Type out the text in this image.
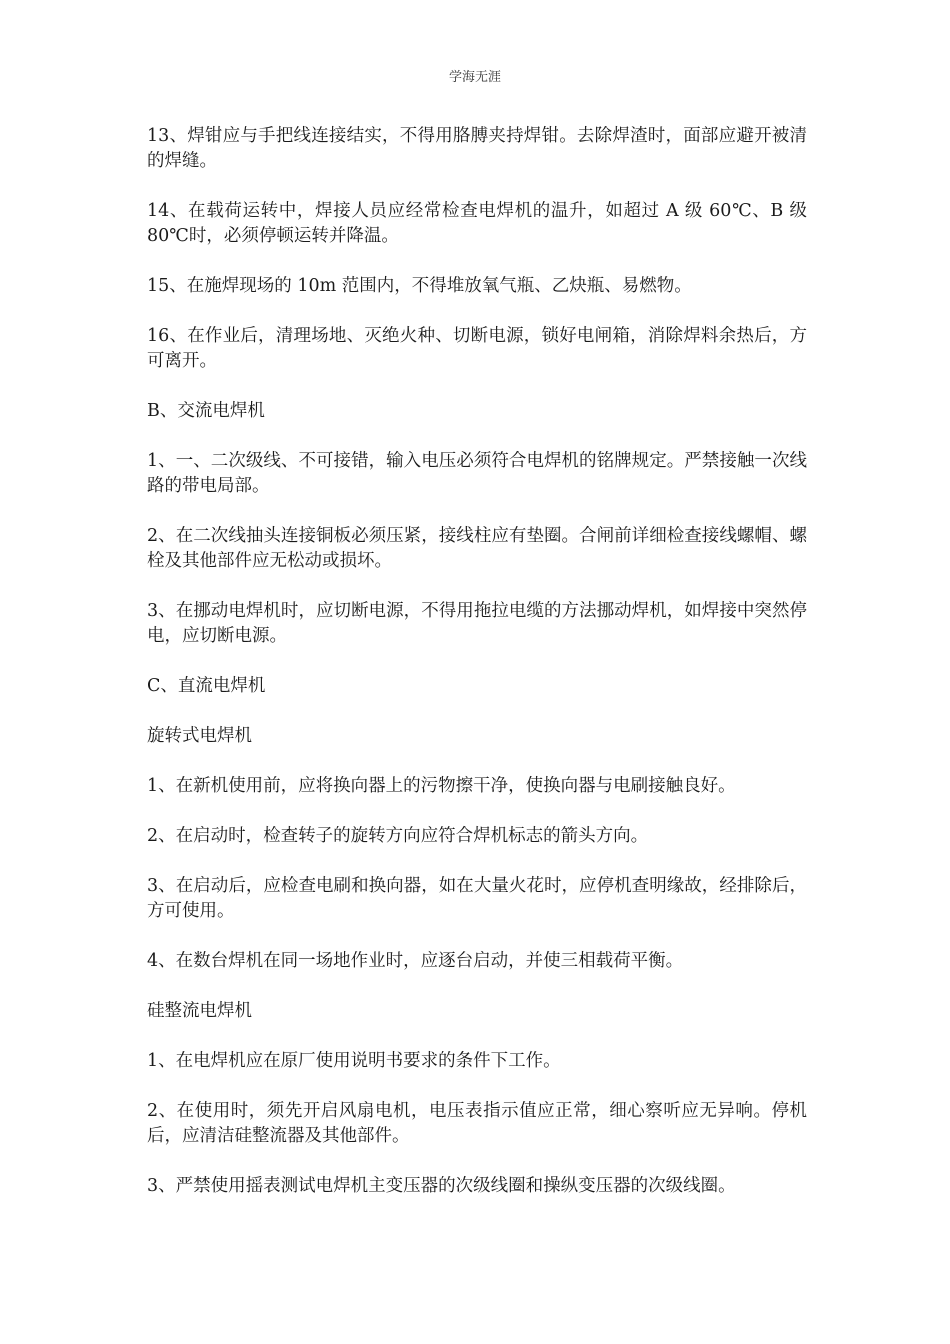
学海无涯

13、焊钳应与手把线连接结实，不得用胳膊夹持焊钳。去除焊渣时，面部应避开被清的焊缝。

14、在载荷运转中，焊接人员应经常检查电焊机的温升，如超过 A 级 60℃、B 级 80℃时，必须停顿运转并降温。

15、在施焊现场的 10m 范围内，不得堆放氧气瓶、乙炔瓶、易燃物。

16、在作业后，清理场地、灭绝火种、切断电源，锁好电闸箱，消除焊料余热后，方可离开。

B、交流电焊机

1、一、二次级线、不可接错，输入电压必须符合电焊机的铭牌规定。严禁接触一次线路的带电局部。

2、在二次线抽头连接铜板必须压紧，接线柱应有垫圈。合闸前详细检查接线螺帽、螺栓及其他部件应无松动或损坏。

3、在挪动电焊机时，应切断电源，不得用拖拉电缆的方法挪动焊机，如焊接中突然停电，应切断电源。

C、直流电焊机

旋转式电焊机

1、在新机使用前，应将换向器上的污物擦干净，使换向器与电刷接触良好。

2、在启动时，检查转子的旋转方向应符合焊机标志的箭头方向。

3、在启动后，应检查电刷和换向器，如在大量火花时，应停机查明缘故，经排除后，方可使用。

4、在数台焊机在同一场地作业时，应逐台启动，并使三相载荷平衡。

硅整流电焊机

1、在电焊机应在原厂使用说明书要求的条件下工作。

2、在使用时，须先开启风扇电机，电压表指示值应正常，细心察听应无异响。停机后，应清洁硅整流器及其他部件。

3、严禁使用摇表测试电焊机主变压器的次级线圈和操纵变压器的次级线圈。
